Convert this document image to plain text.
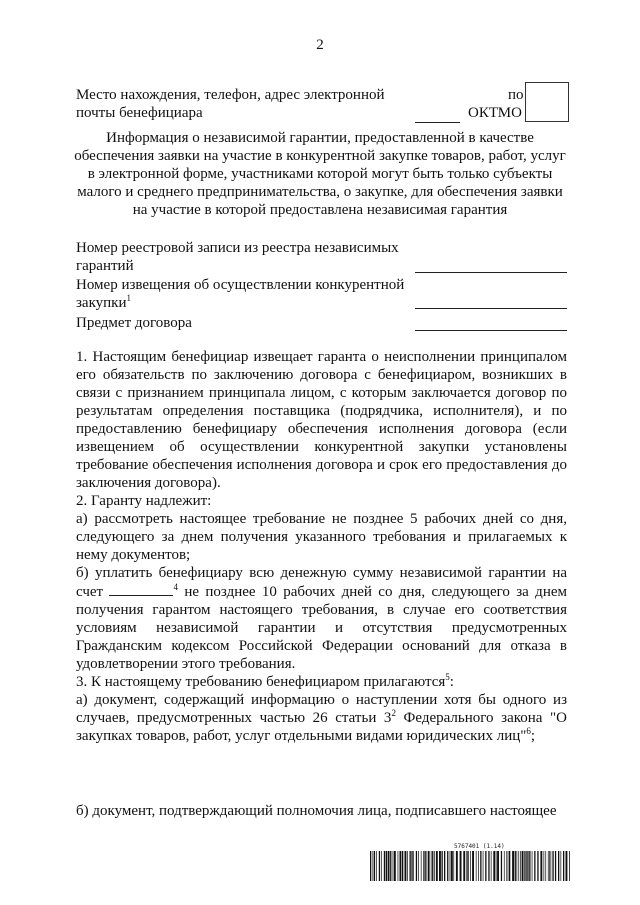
2
Место нахождения, телефон, адрес электронной
почты бенефициара
по
ОКТМО
Информация о независимой гарантии, предоставленной в качестве обеспечения заявки на участие в конкурентной закупке товаров, работ, услуг в электронной форме, участниками которой могут быть только субъекты малого и среднего предпринимательства, о закупке, для обеспечения заявки на участие в которой предоставлена независимая гарантия
Номер реестровой записи из реестра независимых гарантий
Номер извещения об осуществлении конкурентной закупки$^1$
Предмет договора

1. Настоящим бенефициар извещает гаранта о неисполнении принципалом его обязательств по заключению договора с бенефициаром, возникших в связи с признанием принципала лицом, с которым заключается договор по результатам определения поставщика (подрядчика, исполнителя), и по предоставлению бенефициару обеспечения исполнения договора (если извещением об осуществлении конкурентной закупки установлены требование обеспечения исполнения договора и срок его предоставления до заключения договора).

2. Гаранту надлежит:

а) рассмотреть настоящее требование не позднее 5 рабочих дней со дня, следующего за днем получения указанного требования и прилагаемых к нему документов;

б) уплатить бенефициару всю денежную сумму независимой гарантии на счет	$^4$ не позднее 10 рабочих дней со дня, следующего за днем получения гарантом настоящего требования, в случае его соответствия условиям независимой гарантии и отсутствия предусмотренных Гражданским кодексом Российской Федерации оснований для отказа в удовлетворении этого требования.

3. К настоящему требованию бенефициаром прилагаются$^5$:

а) документ, содержащий информацию о наступлении хотя бы одного из случаев, предусмотренных частью 26 статьи $3^2$ Федерального закона "О закупках товаров, работ, услуг отдельными видами юридических лиц"$^6$;

б) документ, подтверждающий полномочия лица, подписавшего настоящее
5767401 (1.14)
